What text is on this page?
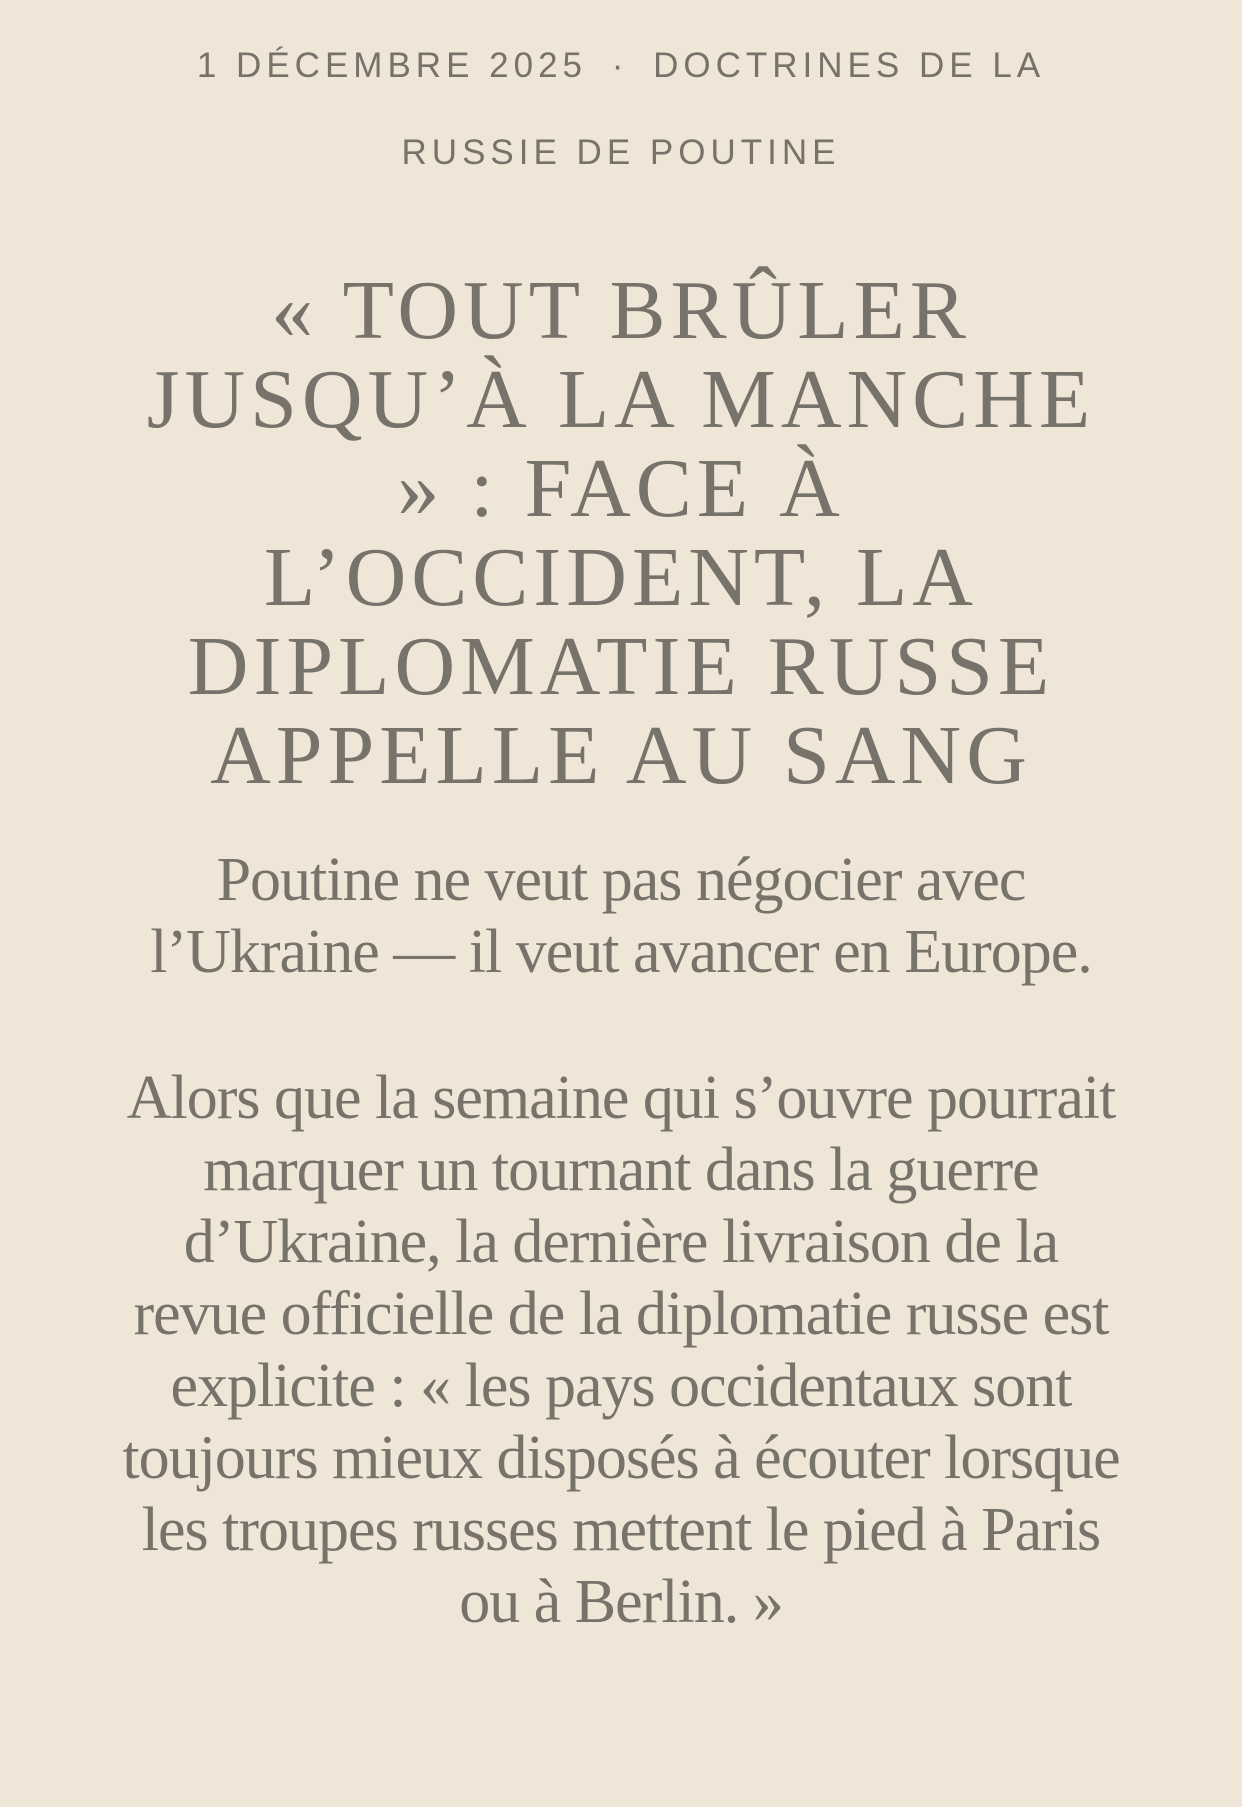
1 DÉCEMBRE 2025 · DOCTRINES DE LA RUSSIE DE POUTINE

« TOUT BRÛLER JUSQU’À LA MANCHE » : FACE À L’OCCIDENT, LA DIPLOMATIE RUSSE APPELLE AU SANG

Poutine ne veut pas négocier avec l’Ukraine — il veut avancer en Europe.

Alors que la semaine qui s’ouvre pourrait marquer un tournant dans la guerre d’Ukraine, la dernière livraison de la revue officielle de la diplomatie russe est explicite : « les pays occidentaux sont toujours mieux disposés à écouter lorsque les troupes russes mettent le pied à Paris ou à Berlin. »
